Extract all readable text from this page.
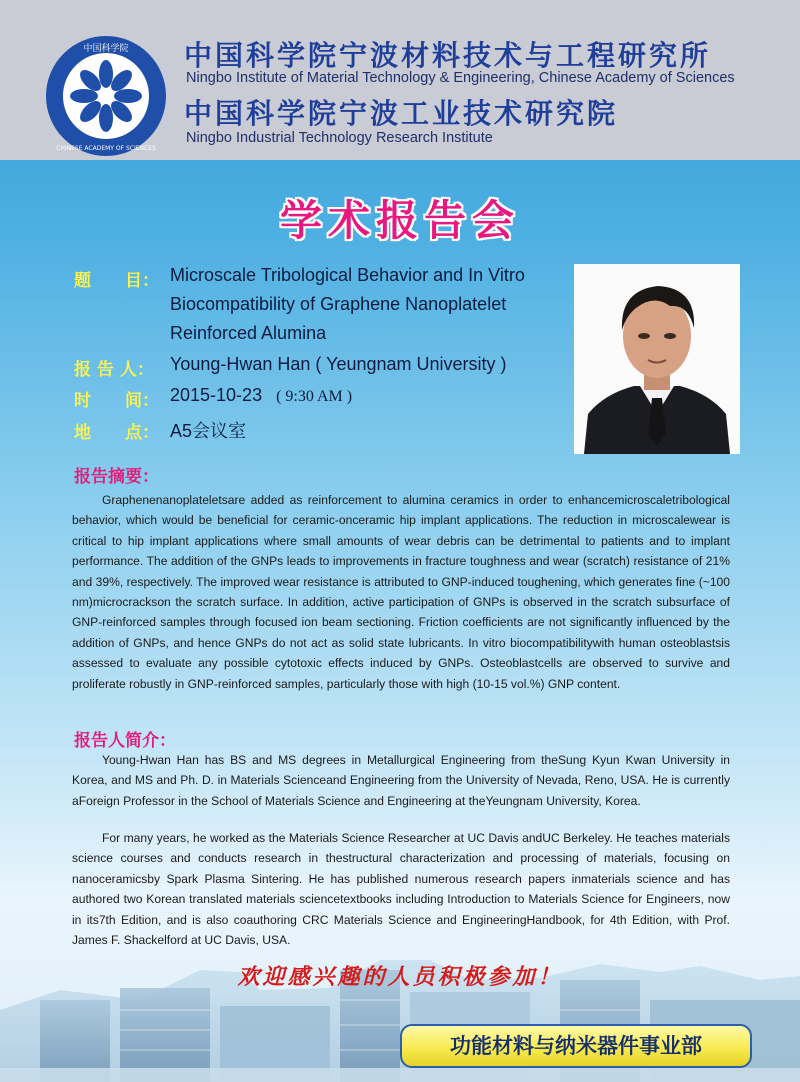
中国科学院
CHINESE ACADEMY OF SCIENCES
中国科学院宁波材料技术与工程研究所
Ningbo Institute of Material Technology & Engineering, Chinese Academy of Sciences
中国科学院宁波工业技术研究院
Ningbo Industrial Technology Research Institute
学术报告会
题　　目： Microscale Tribological Behavior and In Vitro
Biocompatibility of Graphene Nanoplatelet
Reinforced Alumina
报 告 人： Young-Hwan Han ( Yeungnam University )
时　　间： 2015-10-23 ( 9:30 AM )
地　　点： A5会议室
报告摘要：

Graphenenanoplateletsare added as reinforcement to alumina ceramics in order to enhancemicroscaletribological behavior, which would be beneficial for ceramic-onceramic hip implant applications. The reduction in microscalewear is critical to hip implant applications where small amounts of wear debris can be detrimental to patients and to implant performance. The addition of the GNPs leads to improvements in fracture toughness and wear (scratch) resistance of 21% and 39%, respectively. The improved wear resistance is attributed to GNP-induced toughening, which generates fine (~100 nm)microcrackson the scratch surface. In addition, active participation of GNPs is observed in the scratch subsurface of GNP-reinforced samples through focused ion beam sectioning. Friction coefficients are not significantly influenced by the addition of GNPs, and hence GNPs do not act as solid state lubricants. In vitro biocompatibilitywith human osteoblastsis assessed to evaluate any possible cytotoxic effects induced by GNPs. Osteoblastcells are observed to survive and proliferate robustly in GNP-reinforced samples, particularly those with high (10-15 vol.%) GNP content.

报告人简介：

Young-Hwan Han has BS and MS degrees in Metallurgical Engineering from theSung Kyun Kwan University in Korea, and MS and Ph. D. in Materials Scienceand Engineering from the University of Nevada, Reno, USA. He is currently aForeign Professor in the School of Materials Science and Engineering at theYeungnam University, Korea.

For many years, he worked as the Materials Science Researcher at UC Davis andUC Berkeley. He teaches materials science courses and conducts research in thestructural characterization and processing of materials, focusing on nanoceramicsby Spark Plasma Sintering. He has published numerous research papers inmaterials science and has authored two Korean translated materials sciencetextbooks including Introduction to Materials Science for Engineers, now in its7th Edition, and is also coauthoring CRC Materials Science and EngineeringHandbook, for 4th Edition, with Prof. James F. Shackelford at UC Davis, USA.

欢迎感兴趣的人员积极参加！
功能材料与纳米器件事业部
